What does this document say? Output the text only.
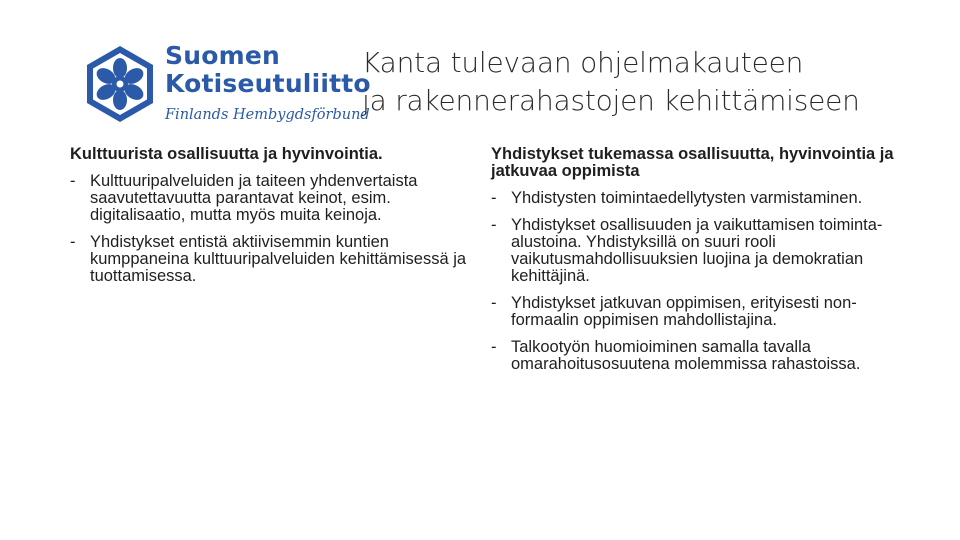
Suomen
Kotiseutuliitto
Finlands Hembygdsförbund
Kanta tulevaan ohjelmakauteen
ja rakennerahastojen kehittämiseen
Kulttuurista osallisuutta ja hyvinvointia.
- Kulttuuripalveluiden ja taiteen yhdenvertaista saavutettavuutta parantavat keinot, esim. digitalisaatio, mutta myös muita keinoja.
- Yhdistykset entistä aktiivisemmin kuntien kumppaneina kulttuuripalveluiden kehittämisessä ja tuottamisessa.
Yhdistykset tukemassa osallisuutta, hyvinvointia ja jatkuvaa oppimista
- Yhdistysten toimintaedellytysten varmistaminen.
- Yhdistykset osallisuuden ja vaikuttamisen toiminta-alustoina. Yhdistyksillä on suuri rooli vaikutusmahdollisuuksien luojina ja demokratian kehittäjinä.
- Yhdistykset jatkuvan oppimisen, erityisesti non-formaalin oppimisen mahdollistajina.
- Talkootyön huomioiminen samalla tavalla omarahoitusosuutena molemmissa rahastoissa.
